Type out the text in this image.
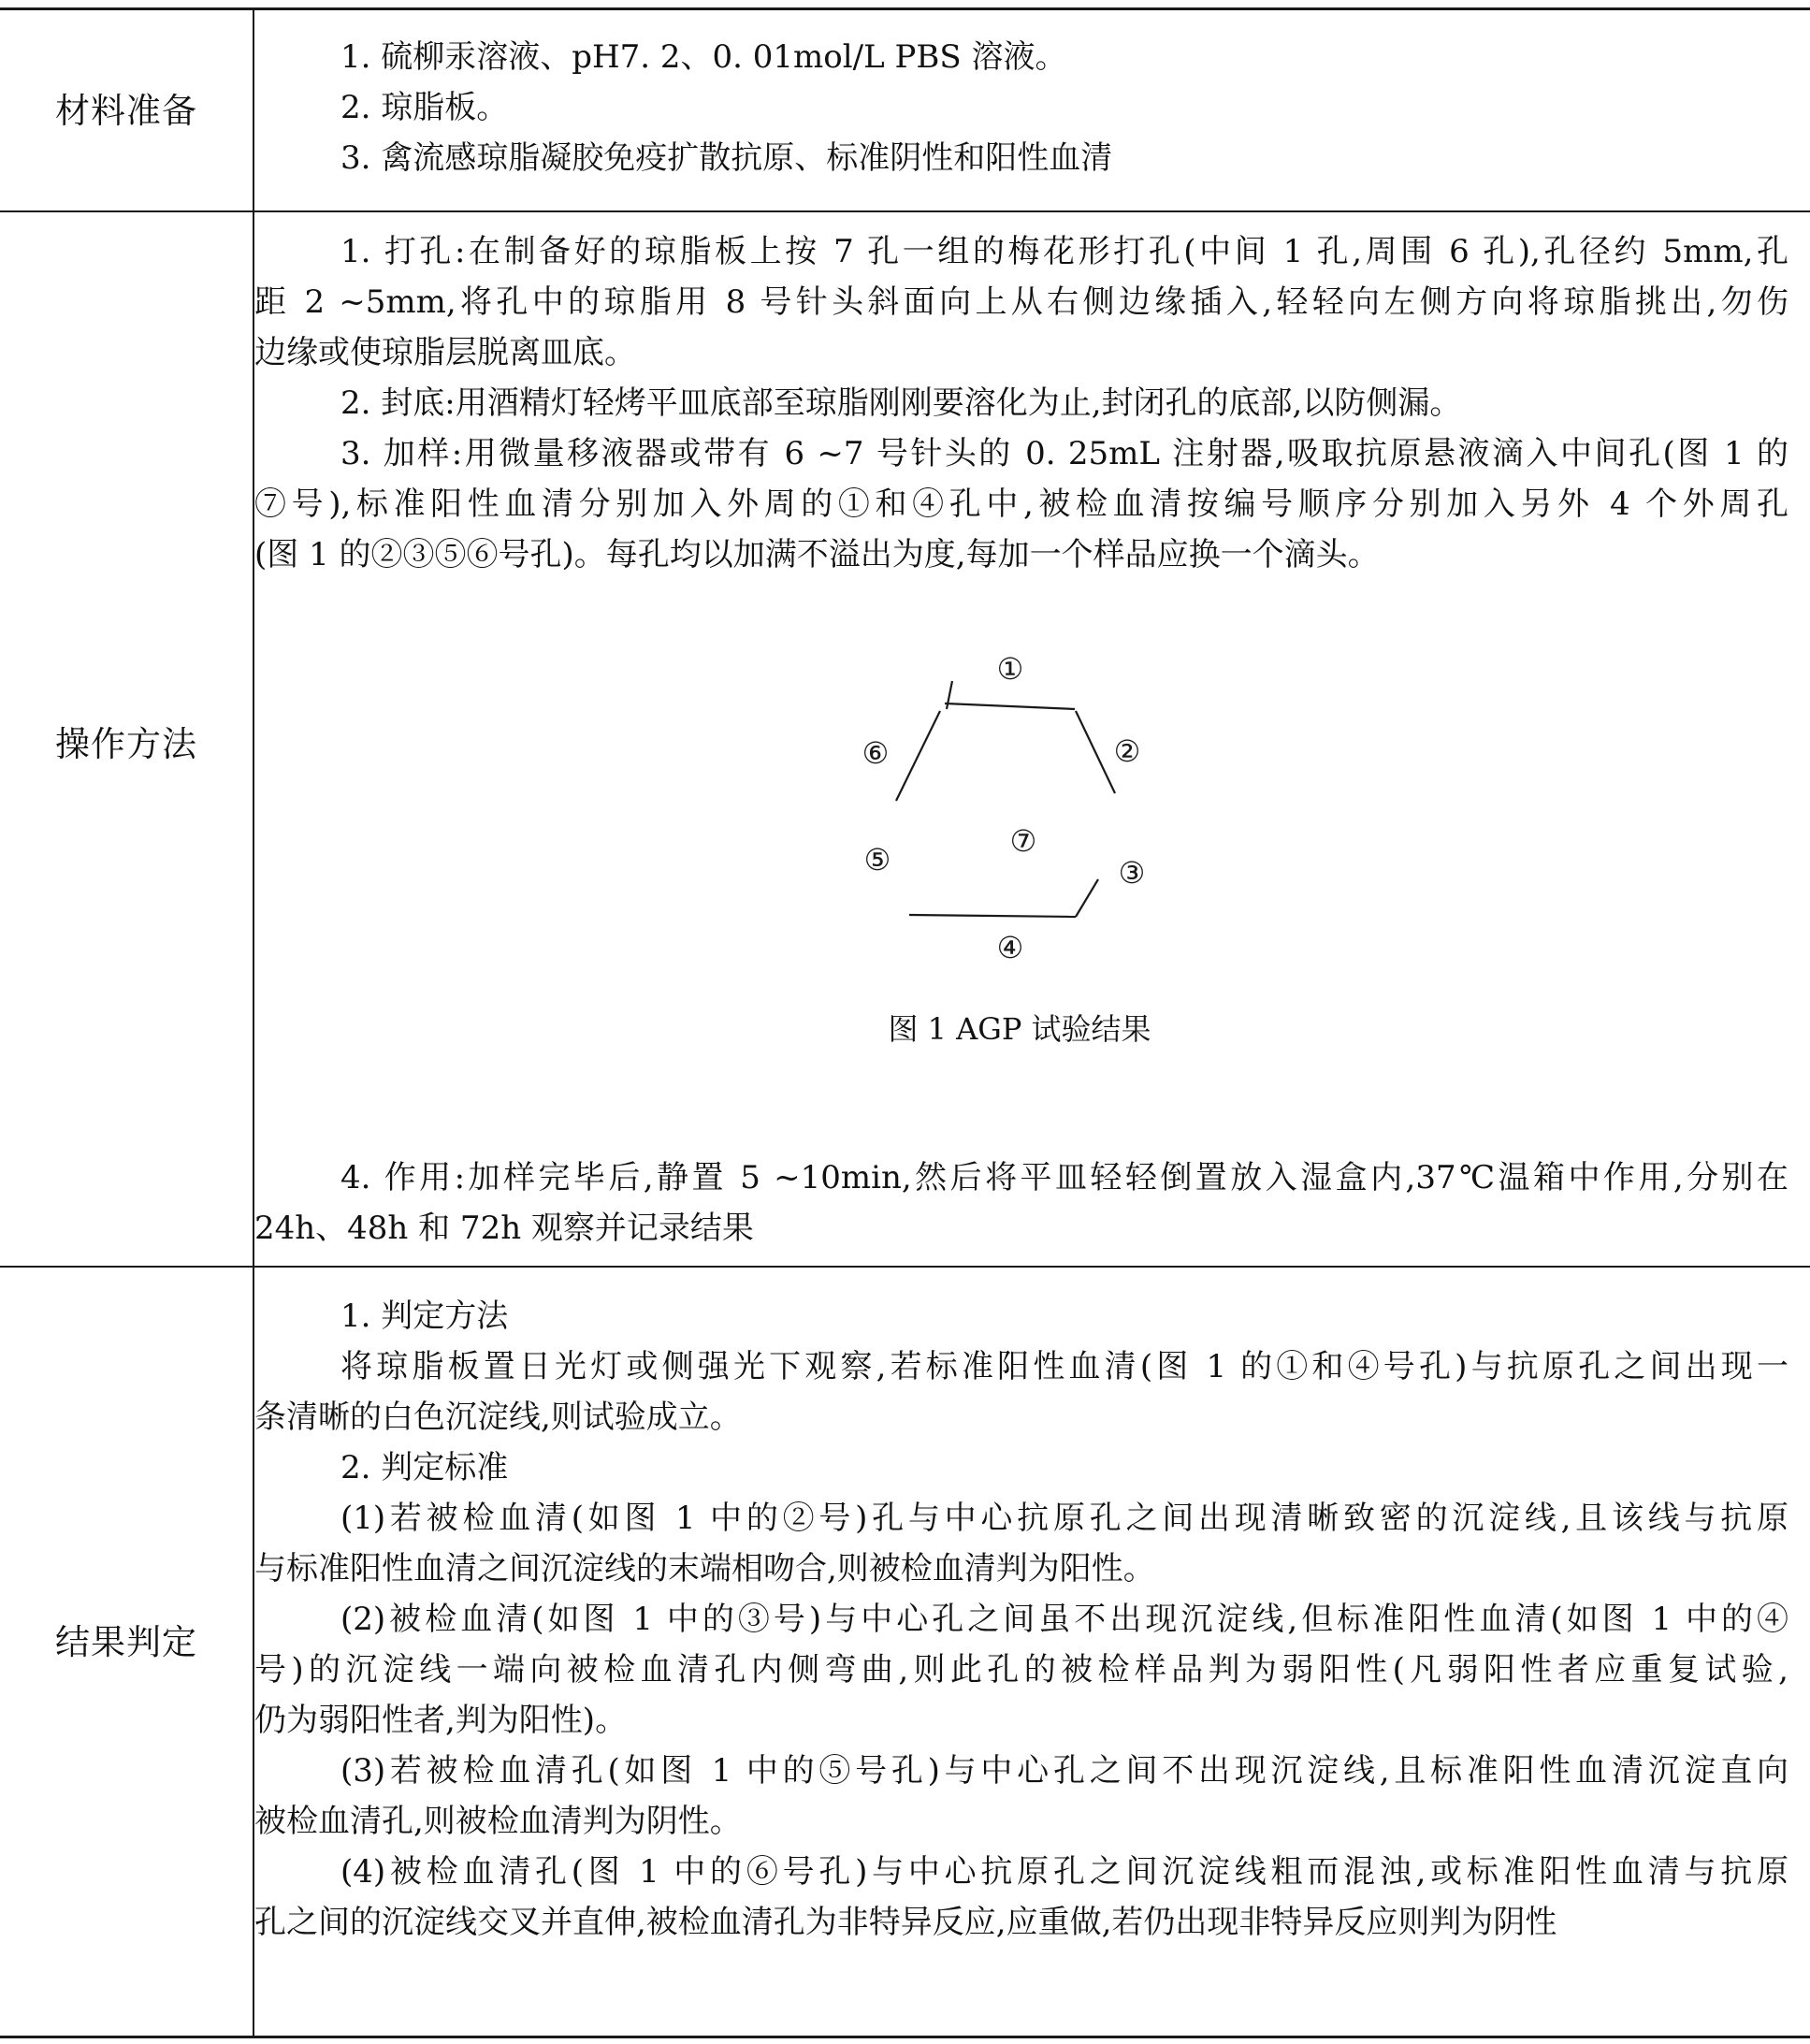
材料准备

1. 硫柳汞溶液、pH7. 2、0. 01mol/L PBS 溶液。

2. 琼脂板。

3. 禽流感琼脂凝胶免疫扩散抗原、标准阴性和阳性血清

操作方法

1. 打孔:在制备好的琼脂板上按 7 孔一组的梅花形打孔(中间 1 孔,周围 6 孔),孔径约 5mm,孔

距 2 ~5mm,将孔中的琼脂用 8 号针头斜面向上从右侧边缘插入,轻轻向左侧方向将琼脂挑出,勿伤

边缘或使琼脂层脱离皿底。

2. 封底:用酒精灯轻烤平皿底部至琼脂刚刚要溶化为止,封闭孔的底部,以防侧漏。

3. 加样:用微量移液器或带有 6 ~7 号针头的 0. 25mL 注射器,吸取抗原悬液滴入中间孔(图 1 的

⑦号),标准阳性血清分别加入外周的①和④孔中,被检血清按编号顺序分别加入另外 4 个外周孔

(图 1 的②③⑤⑥号孔)。每孔均以加满不溢出为度,每加一个样品应换一个滴头。

①
②
③
④
⑤
⑥
⑦
图 1 AGP 试验结果

4. 作用:加样完毕后,静置 5 ~10min,然后将平皿轻轻倒置放入湿盒内,37℃温箱中作用,分别在

24h、48h 和 72h 观察并记录结果

结果判定

1. 判定方法

将琼脂板置日光灯或侧强光下观察,若标准阳性血清(图 1 的①和④号孔)与抗原孔之间出现一

条清晰的白色沉淀线,则试验成立。

2. 判定标准

(1)若被检血清(如图 1 中的②号)孔与中心抗原孔之间出现清晰致密的沉淀线,且该线与抗原

与标准阳性血清之间沉淀线的末端相吻合,则被检血清判为阳性。

(2)被检血清(如图 1 中的③号)与中心孔之间虽不出现沉淀线,但标准阳性血清(如图 1 中的④

号)的沉淀线一端向被检血清孔内侧弯曲,则此孔的被检样品判为弱阳性(凡弱阳性者应重复试验,

仍为弱阳性者,判为阳性)。

(3)若被检血清孔(如图 1 中的⑤号孔)与中心孔之间不出现沉淀线,且标准阳性血清沉淀直向

被检血清孔,则被检血清判为阴性。

(4)被检血清孔(图 1 中的⑥号孔)与中心抗原孔之间沉淀线粗而混浊,或标准阳性血清与抗原

孔之间的沉淀线交叉并直伸,被检血清孔为非特异反应,应重做,若仍出现非特异反应则判为阴性
